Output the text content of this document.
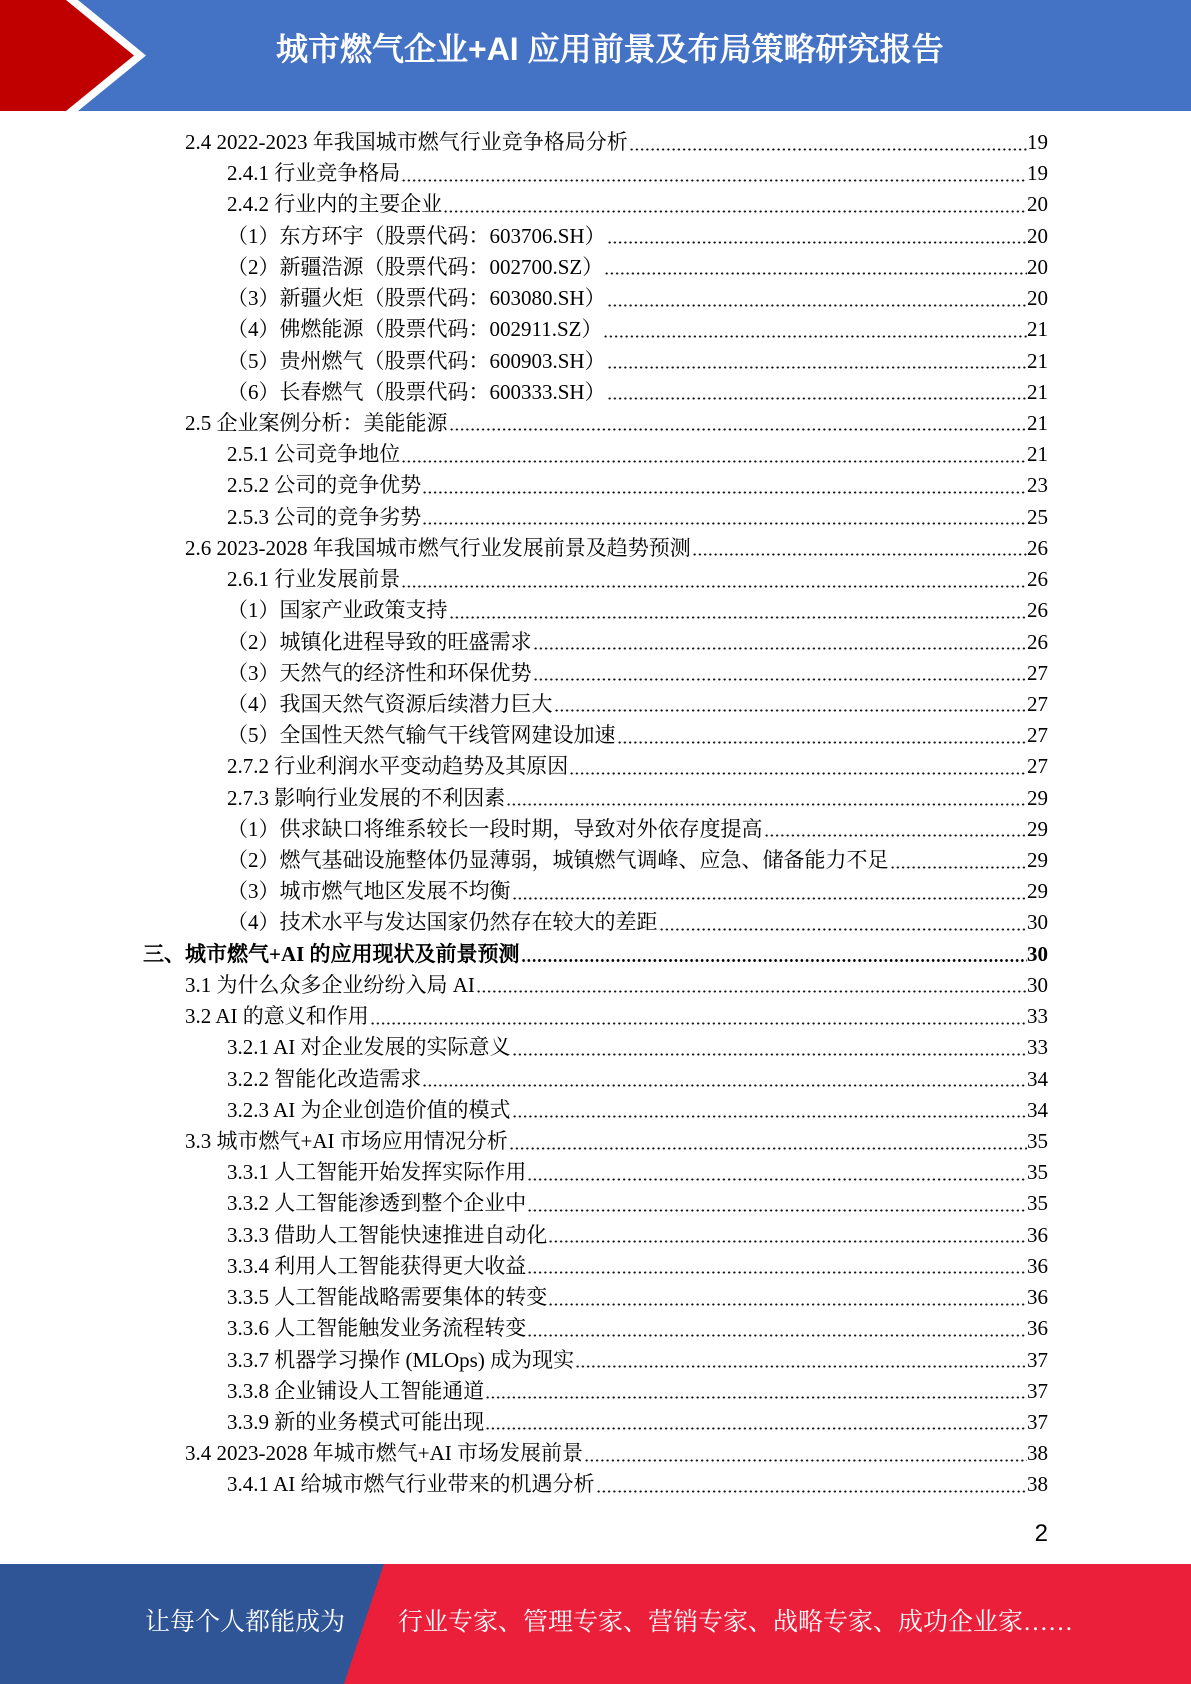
城市燃气企业+AI 应用前景及布局策略研究报告
2.4 2022-2023 年我国城市燃气行业竞争格局分析	19
2.4.1 行业竞争格局	19
2.4.2 行业内的主要企业	20
（1）东方环宇（股票代码：603706.SH）	20
（2）新疆浩源（股票代码：002700.SZ）	20
（3）新疆火炬（股票代码：603080.SH）	20
（4）佛燃能源（股票代码：002911.SZ）	21
（5）贵州燃气（股票代码：600903.SH）	21
（6）长春燃气（股票代码：600333.SH）	21
2.5 企业案例分析：美能能源	21
2.5.1 公司竞争地位	21
2.5.2 公司的竞争优势	23
2.5.3 公司的竞争劣势	25
2.6 2023-2028 年我国城市燃气行业发展前景及趋势预测	26
2.6.1 行业发展前景	26
（1）国家产业政策支持	26
（2）城镇化进程导致的旺盛需求	26
（3）天然气的经济性和环保优势	27
（4）我国天然气资源后续潜力巨大	27
（5）全国性天然气输气干线管网建设加速	27
2.7.2 行业利润水平变动趋势及其原因	27
2.7.3 影响行业发展的不利因素	29
（1）供求缺口将维系较长一段时期，导致对外依存度提高	29
（2）燃气基础设施整体仍显薄弱，城镇燃气调峰、应急、储备能力不足	29
（3）城市燃气地区发展不均衡	29
（4）技术水平与发达国家仍然存在较大的差距	30
三、城市燃气+AI 的应用现状及前景预测	30
3.1 为什么众多企业纷纷入局 AI	30
3.2 AI 的意义和作用	33
3.2.1 AI 对企业发展的实际意义	33
3.2.2 智能化改造需求	34
3.2.3 AI 为企业创造价值的模式	34
3.3 城市燃气+AI 市场应用情况分析	35
3.3.1 人工智能开始发挥实际作用	35
3.3.2 人工智能渗透到整个企业中	35
3.3.3 借助人工智能快速推进自动化	36
3.3.4 利用人工智能获得更大收益	36
3.3.5 人工智能战略需要集体的转变	36
3.3.6 人工智能触发业务流程转变	36
3.3.7 机器学习操作 (MLOps) 成为现实	37
3.3.8 企业铺设人工智能通道	37
3.3.9 新的业务模式可能出现	37
3.4 2023-2028 年城市燃气+AI 市场发展前景	38
3.4.1 AI 给城市燃气行业带来的机遇分析	38
2
让每个人都能成为 行业专家、管理专家、营销专家、战略专家、成功企业家……
